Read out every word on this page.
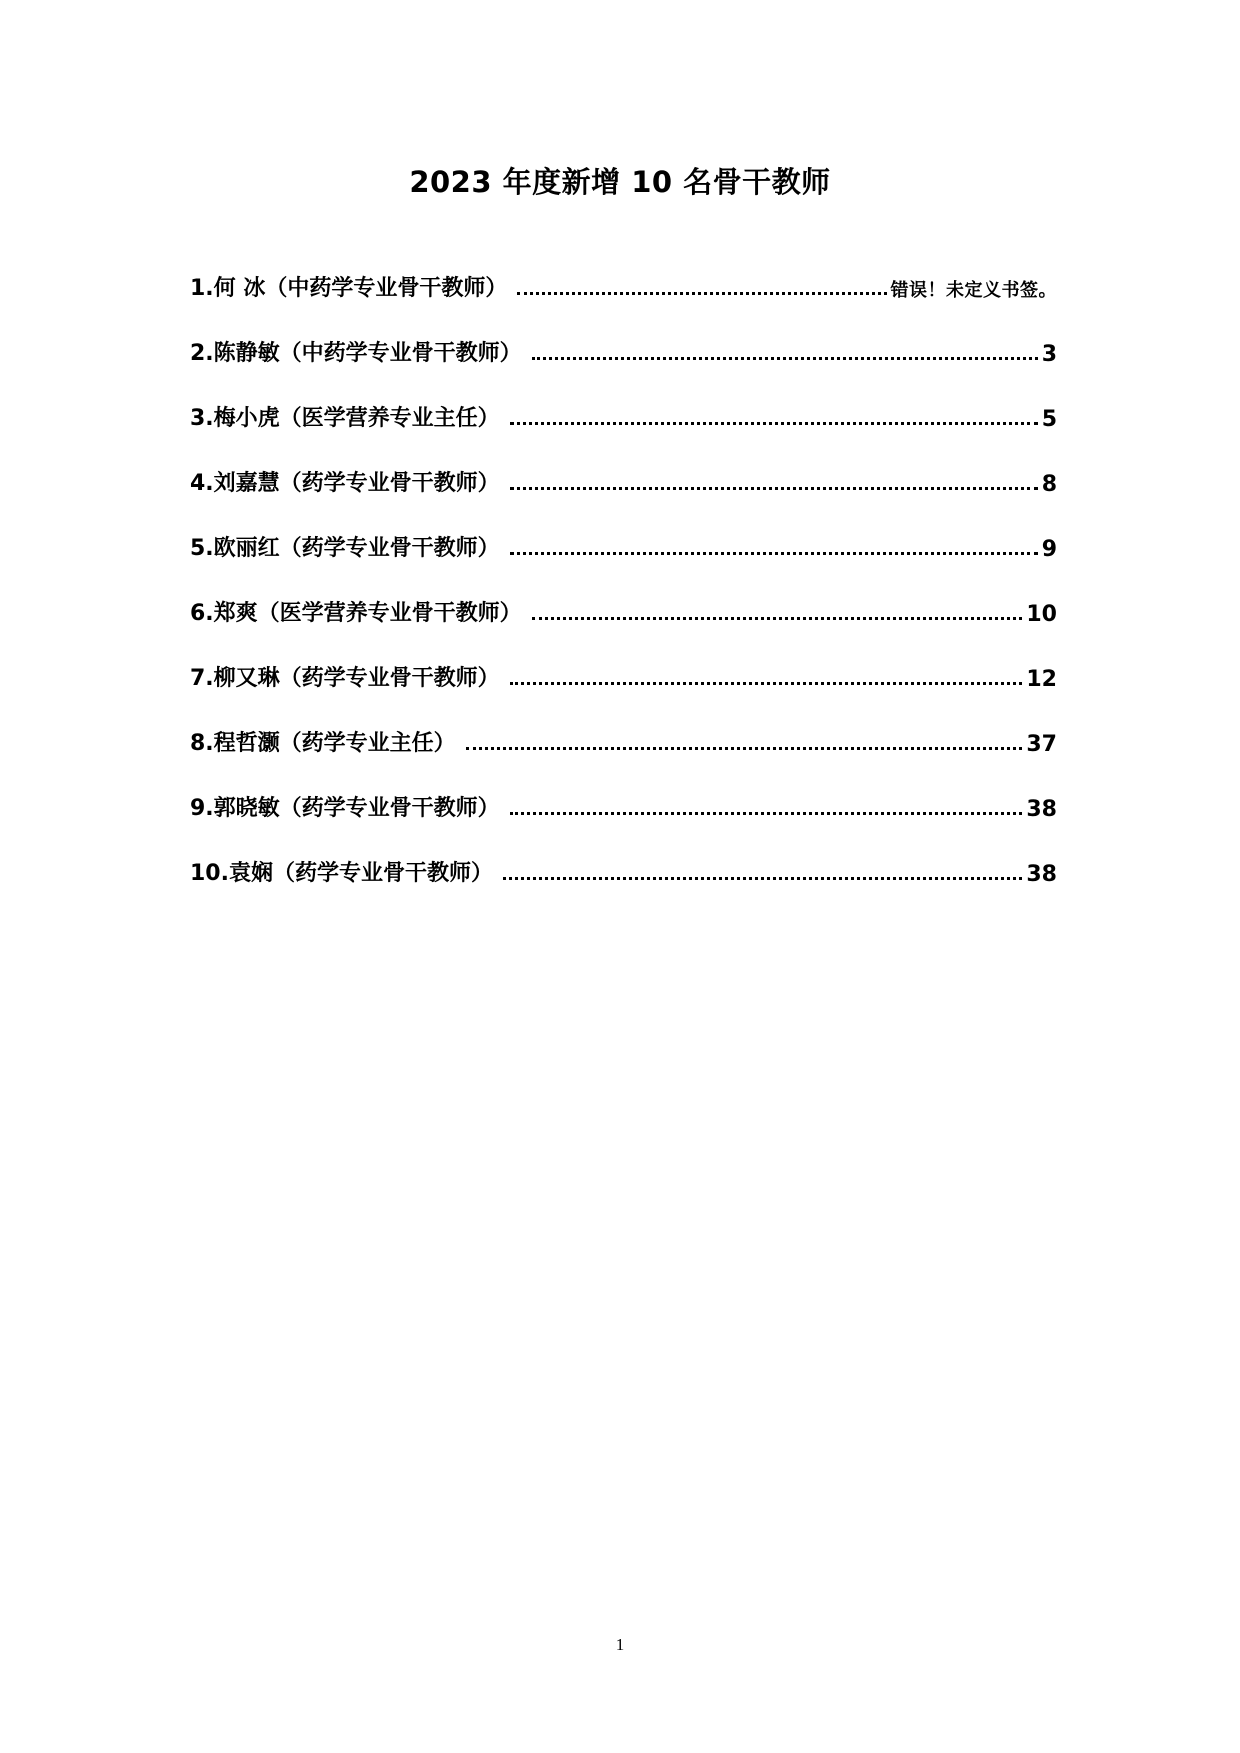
2023 年度新增 10 名骨干教师
1.何 冰（中药学专业骨干教师）	错误！未定义书签。
2.陈静敏（中药学专业骨干教师）	3
3.梅小虎（医学营养专业主任）	5
4.刘嘉慧（药学专业骨干教师）	8
5.欧丽红（药学专业骨干教师）	9
6.郑爽（医学营养专业骨干教师）	10
7.柳又琳（药学专业骨干教师）	12
8.程哲灏（药学专业主任）	37
9.郭晓敏（药学专业骨干教师）	38
10.袁娴（药学专业骨干教师）	38
1
